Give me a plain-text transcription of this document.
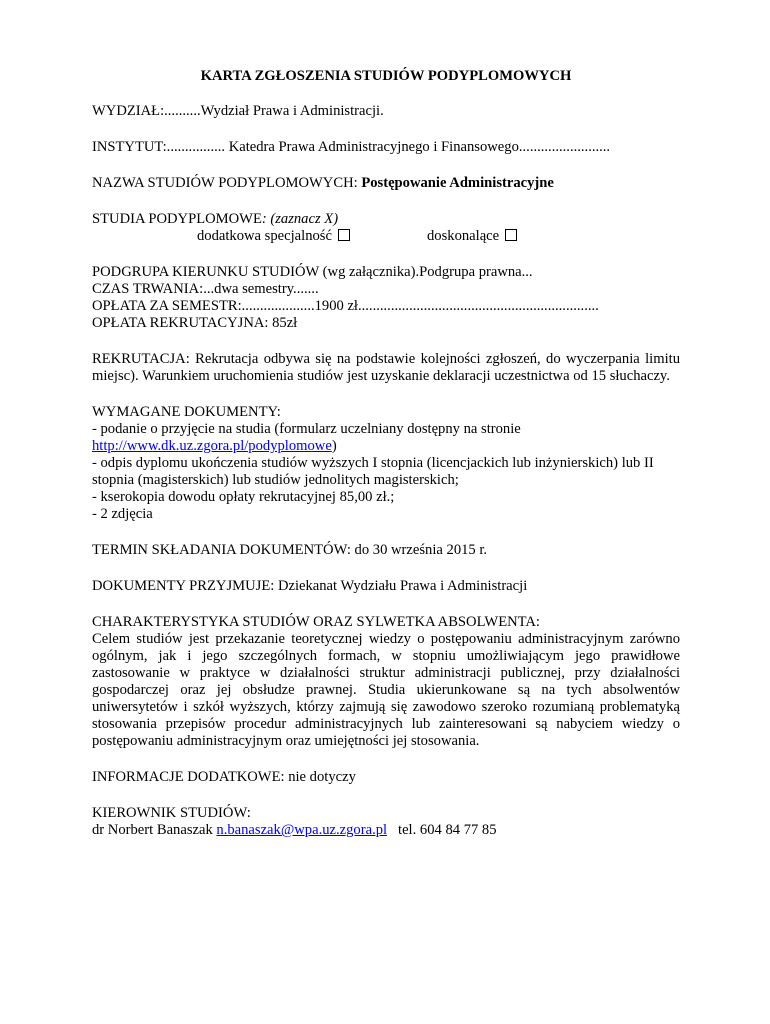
KARTA ZGŁOSZENIA STUDIÓW PODYPLOMOWYCH

WYDZIAŁ:..........Wydział Prawa i Administracji.

INSTYTUT:................ Katedra Prawa Administracyjnego i Finansowego.........................

NAZWA STUDIÓW PODYPLOMOWYCH: Postępowanie Administracyjne

STUDIA PODYPLOMOWE: (zaznacz X)

dodatkowa specjalność	doskonalące

PODGRUPA KIERUNKU STUDIÓW (wg załącznika).Podgrupa prawna...

CZAS TRWANIA:...dwa semestry.......

OPŁATA ZA SEMESTR:....................1900 zł..................................................................

OPŁATA REKRUTACYJNA: 85zł

REKRUTACJA: Rekrutacja odbywa się na podstawie kolejności zgłoszeń, do wyczerpania limitu miejsc). Warunkiem uruchomienia studiów jest uzyskanie deklaracji uczestnictwa od 15 słuchaczy.

WYMAGANE DOKUMENTY:

- podanie o przyjęcie na studia (formularz uczelniany dostępny na stronie

http://www.dk.uz.zgora.pl/podyplomowe)

- odpis dyplomu ukończenia studiów wyższych I stopnia (licencjackich lub inżynierskich) lub II stopnia (magisterskich) lub studiów jednolitych magisterskich;

- kserokopia dowodu opłaty rekrutacyjnej 85,00 zł.;

- 2 zdjęcia

TERMIN SKŁADANIA DOKUMENTÓW: do 30 września 2015 r.

DOKUMENTY PRZYJMUJE: Dziekanat Wydziału Prawa i Administracji

CHARAKTERYSTYKA STUDIÓW ORAZ SYLWETKA ABSOLWENTA:

Celem studiów jest przekazanie teoretycznej wiedzy o postępowaniu administracyjnym zarówno ogólnym, jak i jego szczególnych formach, w stopniu umożliwiającym jego prawidłowe zastosowanie w praktyce w działalności struktur administracji publicznej, przy działalności gospodarczej oraz jej obsłudze prawnej. Studia ukierunkowane są na tych absolwentów uniwersytetów i szkół wyższych, którzy zajmują się zawodowo szeroko rozumianą problematyką stosowania przepisów procedur administracyjnych lub zainteresowani są nabyciem wiedzy o postępowaniu administracyjnym oraz umiejętności jej stosowania.

INFORMACJE DODATKOWE: nie dotyczy

KIEROWNIK STUDIÓW:

dr Norbert Banaszak n.banaszak@wpa.uz.zgora.pl   tel. 604 84 77 85
